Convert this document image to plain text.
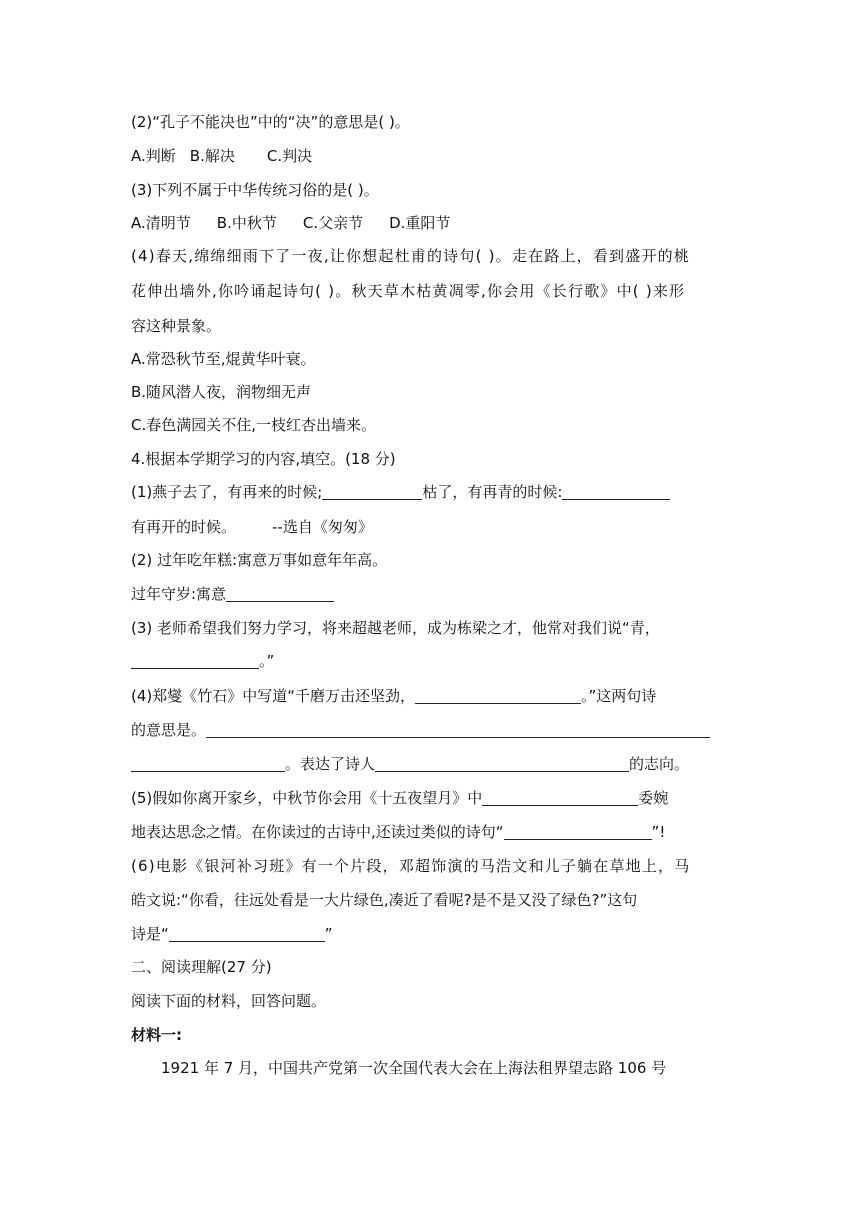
(2)“孔子不能决也”中的“决”的意思是( )。
A.判断 B.解决 C.判决
(3)下列不属于中华传统习俗的是( )。
A.清明节 B.中秋节 C.父亲节 D.重阳节
(4)春天,绵绵细雨下了一夜,让你想起杜甫的诗句( )。走在路上，看到盛开的桃
花伸出墙外,你吟诵起诗句( )。秋天草木枯黄凋零,你会用《长行歌》中( )来形
容这种景象。
A.常恐秋节至,焜黄华叶衰。
B.随风潜人夜，润物细无声
C.春色满园关不住,一枝红杏出墙来。
4.根据本学期学习的内容,填空。(18 分)
(1)燕子去了，有再来的时候;	枯了，有再青的时候:
有再开的时候。 --选自《匆匆》
(2) 过年吃年糕:寓意万事如意年年高。
过年守岁:寓意
(3) 老师希望我们努力学习，将来超越老师，成为栋梁之才，他常对我们说“青，
。”
(4)郑燮《竹石》中写道“千磨万击还坚劲，	。”这两句诗
的意思是。
。表达了诗人	的志向。
(5)假如你离开家乡，中秋节你会用《十五夜望月》中	委婉
地表达思念之情。在你读过的古诗中,还读过类似的诗句“	”!
(6)电影《银河补习班》有一个片段，邓超饰演的马浩文和儿子躺在草地上，马
皓文说:“你看，往远处看是一大片绿色,凑近了看呢?是不是又没了绿色?”这句
诗是“	”
二、阅读理解(27 分)
阅读下面的材料，回答问题。
材料一:
1921 年 7 月，中国共产党第一次全国代表大会在上海法租界望志路 106 号
